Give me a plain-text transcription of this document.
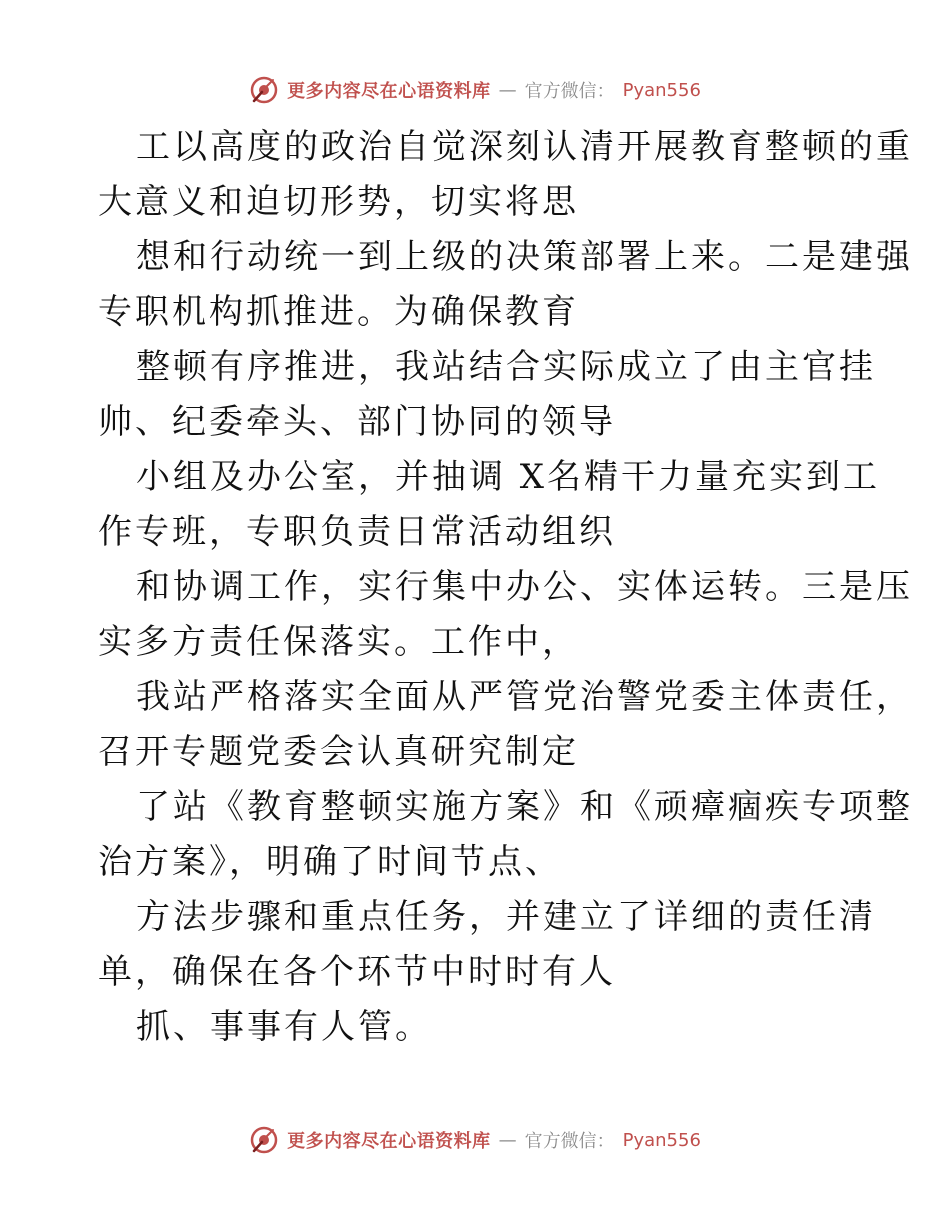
更多内容尽在心语资料库 — 官方微信： Pyan556
工以高度的政治自觉深刻认清开展教育整顿的重
大意义和迫切形势，切实将思
想和行动统一到上级的决策部署上来。二是建强
专职机构抓推进。为确保教育
整顿有序推进，我站结合实际成立了由主官挂
帅、纪委牵头、部门协同的领导
小组及办公室，并抽调 X名精干力量充实到工
作专班，专职负责日常活动组织
和协调工作，实行集中办公、实体运转。三是压
实多方责任保落实。工作中，
我站严格落实全面从严管党治警党委主体责任，
召开专题党委会认真研究制定
了站《教育整顿实施方案》和《顽瘴痼疾专项整
治方案》，明确了时间节点、
方法步骤和重点任务，并建立了详细的责任清
单，确保在各个环节中时时有人
抓、事事有人管。
更多内容尽在心语资料库 — 官方微信： Pyan556
